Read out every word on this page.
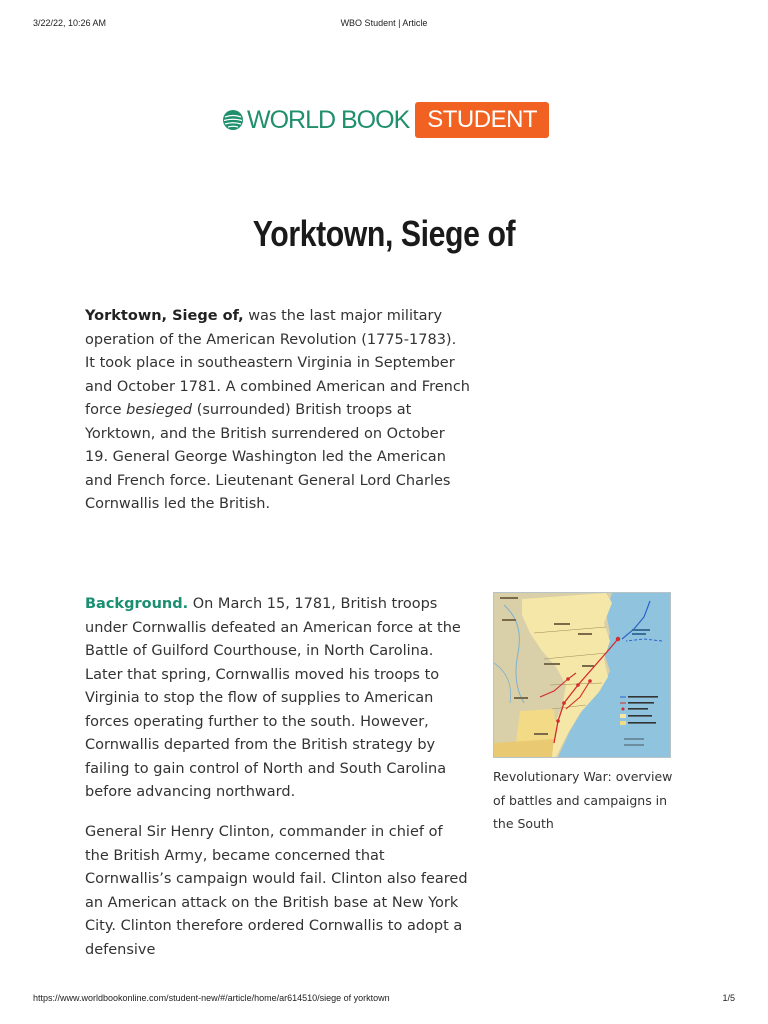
3/22/22, 10:26 AM	WBO Student | Article
WORLD BOOK STUDENT
Yorktown, Siege of

Yorktown, Siege of, was the last major military operation of the American Revolution (1775-1783). It took place in southeastern Virginia in September and October 1781. A combined American and French force besieged (surrounded) British troops at Yorktown, and the British surrendered on October 19. General George Washington led the American and French force. Lieutenant General Lord Charles Cornwallis led the British.

Background. On March 15, 1781, British troops under Cornwallis defeated an American force at the Battle of Guilford Courthouse, in North Carolina. Later that spring, Cornwallis moved his troops to Virginia to stop the flow of supplies to American forces operating further to the south. However, Cornwallis departed from the British strategy by failing to gain control of North and South Carolina before advancing northward.

General Sir Henry Clinton, commander in chief of the British Army, became concerned that Cornwallis’s campaign would fail. Clinton also feared an American attack on the British base at New York City. Clinton therefore ordered Cornwallis to adopt a defensive

Revolutionary War: overview of battles and campaigns in the South

https://www.worldbookonline.com/student-new/#/article/home/ar614510/siege of yorktown	1/5
